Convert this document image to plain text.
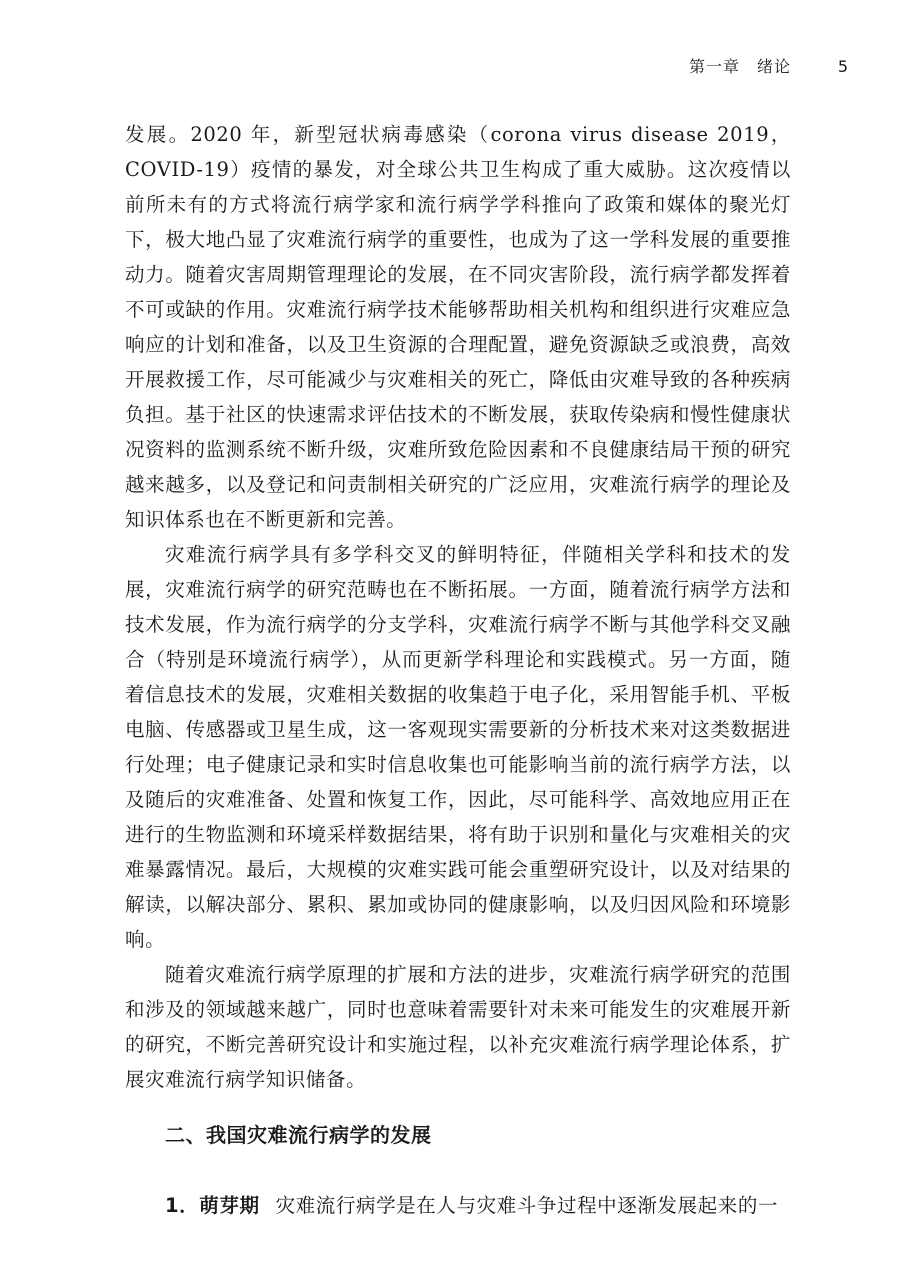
第一章　绪论	5

发展。2020 年，新型冠状病毒感染（corona virus disease 2019，COVID-19）疫情的暴发，对全球公共卫生构成了重大威胁。这次疫情以前所未有的方式将流行病学家和流行病学学科推向了政策和媒体的聚光灯下，极大地凸显了灾难流行病学的重要性，也成为了这一学科发展的重要推动力。随着灾害周期管理理论的发展，在不同灾害阶段，流行病学都发挥着不可或缺的作用。灾难流行病学技术能够帮助相关机构和组织进行灾难应急响应的计划和准备，以及卫生资源的合理配置，避免资源缺乏或浪费，高效开展救援工作，尽可能减少与灾难相关的死亡，降低由灾难导致的各种疾病负担。基于社区的快速需求评估技术的不断发展，获取传染病和慢性健康状况资料的监测系统不断升级，灾难所致危险因素和不良健康结局干预的研究越来越多，以及登记和问责制相关研究的广泛应用，灾难流行病学的理论及知识体系也在不断更新和完善。

灾难流行病学具有多学科交叉的鲜明特征，伴随相关学科和技术的发展，灾难流行病学的研究范畴也在不断拓展。一方面，随着流行病学方法和技术发展，作为流行病学的分支学科，灾难流行病学不断与其他学科交叉融合（特别是环境流行病学），从而更新学科理论和实践模式。另一方面，随着信息技术的发展，灾难相关数据的收集趋于电子化，采用智能手机、平板电脑、传感器或卫星生成，这一客观现实需要新的分析技术来对这类数据进行处理；电子健康记录和实时信息收集也可能影响当前的流行病学方法，以及随后的灾难准备、处置和恢复工作，因此，尽可能科学、高效地应用正在进行的生物监测和环境采样数据结果，将有助于识别和量化与灾难相关的灾难暴露情况。最后，大规模的灾难实践可能会重塑研究设计，以及对结果的解读，以解决部分、累积、累加或协同的健康影响，以及归因风险和环境影响。

随着灾难流行病学原理的扩展和方法的进步，灾难流行病学研究的范围和涉及的领域越来越广，同时也意味着需要针对未来可能发生的灾难展开新的研究，不断完善研究设计和实施过程，以补充灾难流行病学理论体系，扩展灾难流行病学知识储备。

二、我国灾难流行病学的发展
1．萌芽期 灾难流行病学是在人与灾难斗争过程中逐渐发展起来的一
